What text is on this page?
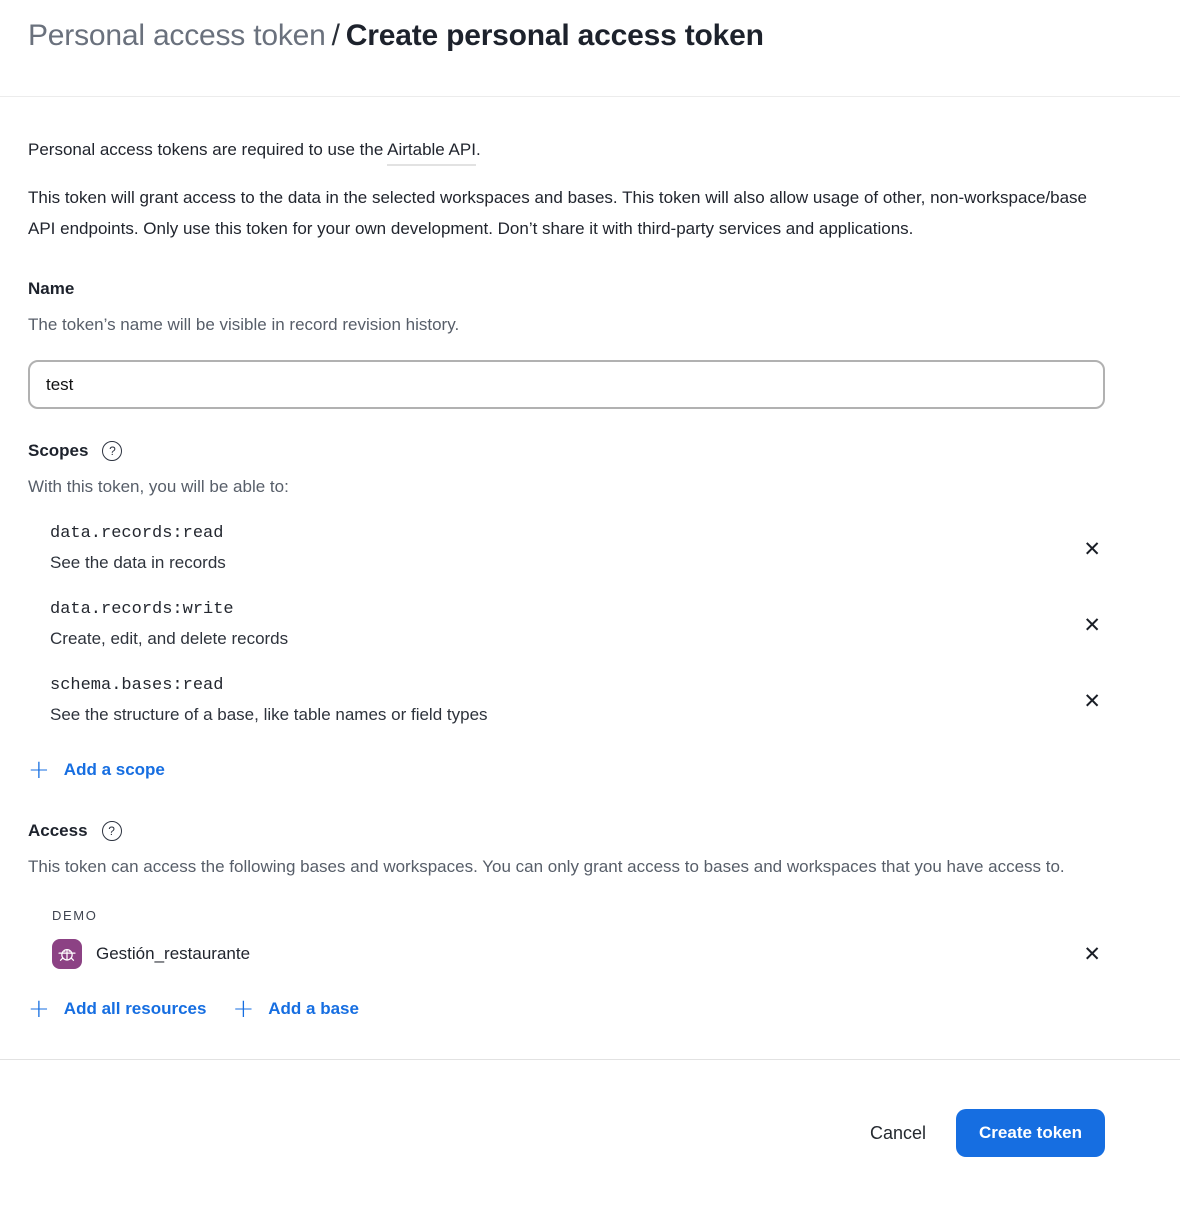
Personal access token / Create personal access token

Personal access tokens are required to use the Airtable API.

This token will grant access to the data in the selected workspaces and bases. This token will also allow usage of other, non-workspace/base API endpoints. Only use this token for your own development. Don’t share it with third-party services and applications.

Name
The token’s name will be visible in record revision history.
test
Scopes	?
With this token, you will be able to:
data.records:read
See the data in records
✕
data.records:write
Create, edit, and delete records
✕
schema.bases:read
See the structure of a base, like table names or field types
✕
+ Add a scope
Access	?
This token can access the following bases and workspaces. You can only grant access to bases and workspaces that you have access to.
DEMO
Gestión_restaurante	✕
+ Add all resources + Add a base
Cancel	Create token
